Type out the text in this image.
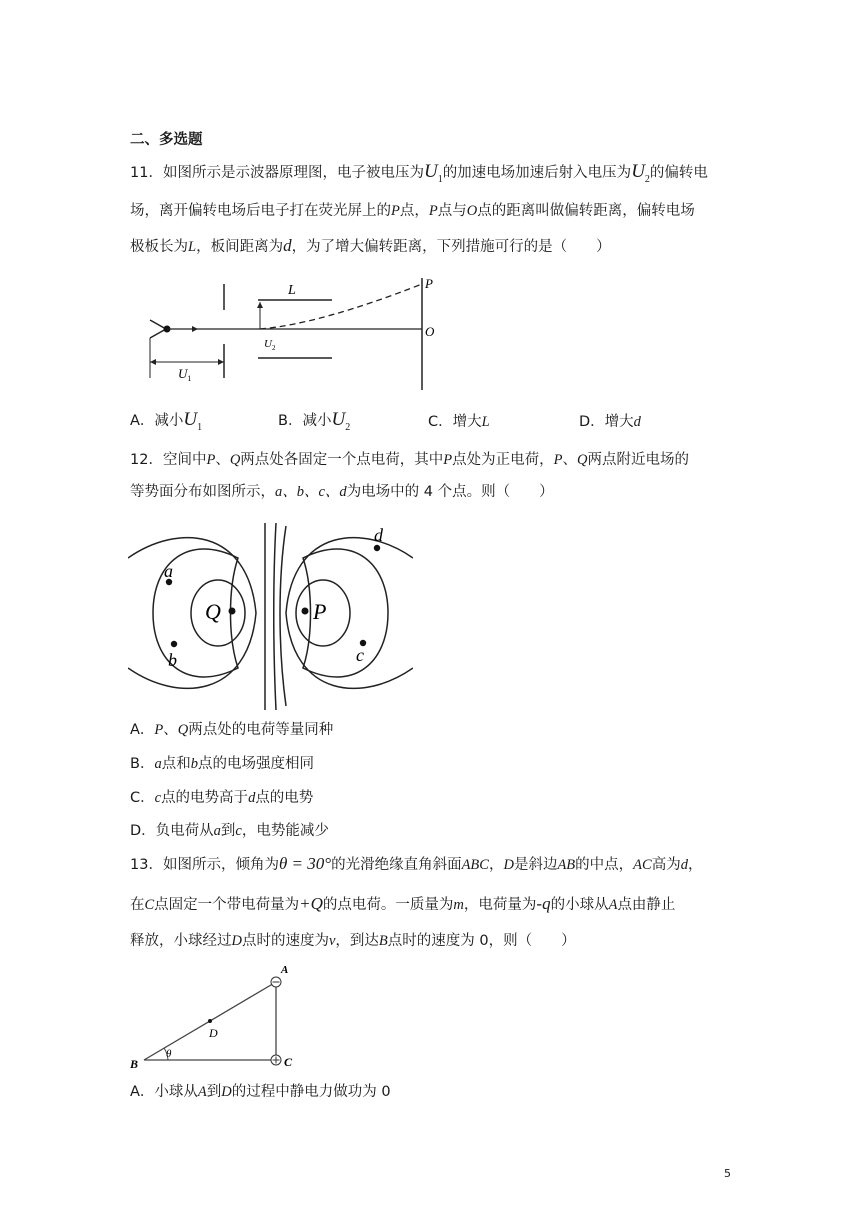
二、多选题
11．如图所示是示波器原理图，电子被电压为$U_1$的加速电场加速后射入电压为$U_2$的偏转电
场，离开偏转电场后电子打在荧光屏上的P点，P点与O点的距离叫做偏转距离，偏转电场
极板长为L，板间距离为d，为了增大偏转距离，下列措施可行的是（　　）
$U_1$
$U_2$
L	P
O
A．减小$U_1$	B．减小$U_2$	C．增大L	D．增大d
12．空间中P、Q两点处各固定一个点电荷，其中P点处为正电荷，P、Q两点附近电场的
等势面分布如图所示，a、b、c、d为电场中的 4 个点。则（　　）
Q	P
a
b	c
d
A．P、Q两点处的电荷等量同种
B．a点和b点的电场强度相同
C．c点的电势高于d点的电势
D．负电荷从a到c，电势能减少
13．如图所示，倾角为θ = 30°的光滑绝缘直角斜面ABC，D是斜边AB的中点，AC高为d，
在C点固定一个带电荷量为+Q的点电荷。一质量为m，电荷量为-q的小球从A点由静止
释放，小球经过D点时的速度为v，到达B点时的速度为 0，则（　　）
θ
B
A
D
C
A．小球从A到D的过程中静电力做功为 0
5
